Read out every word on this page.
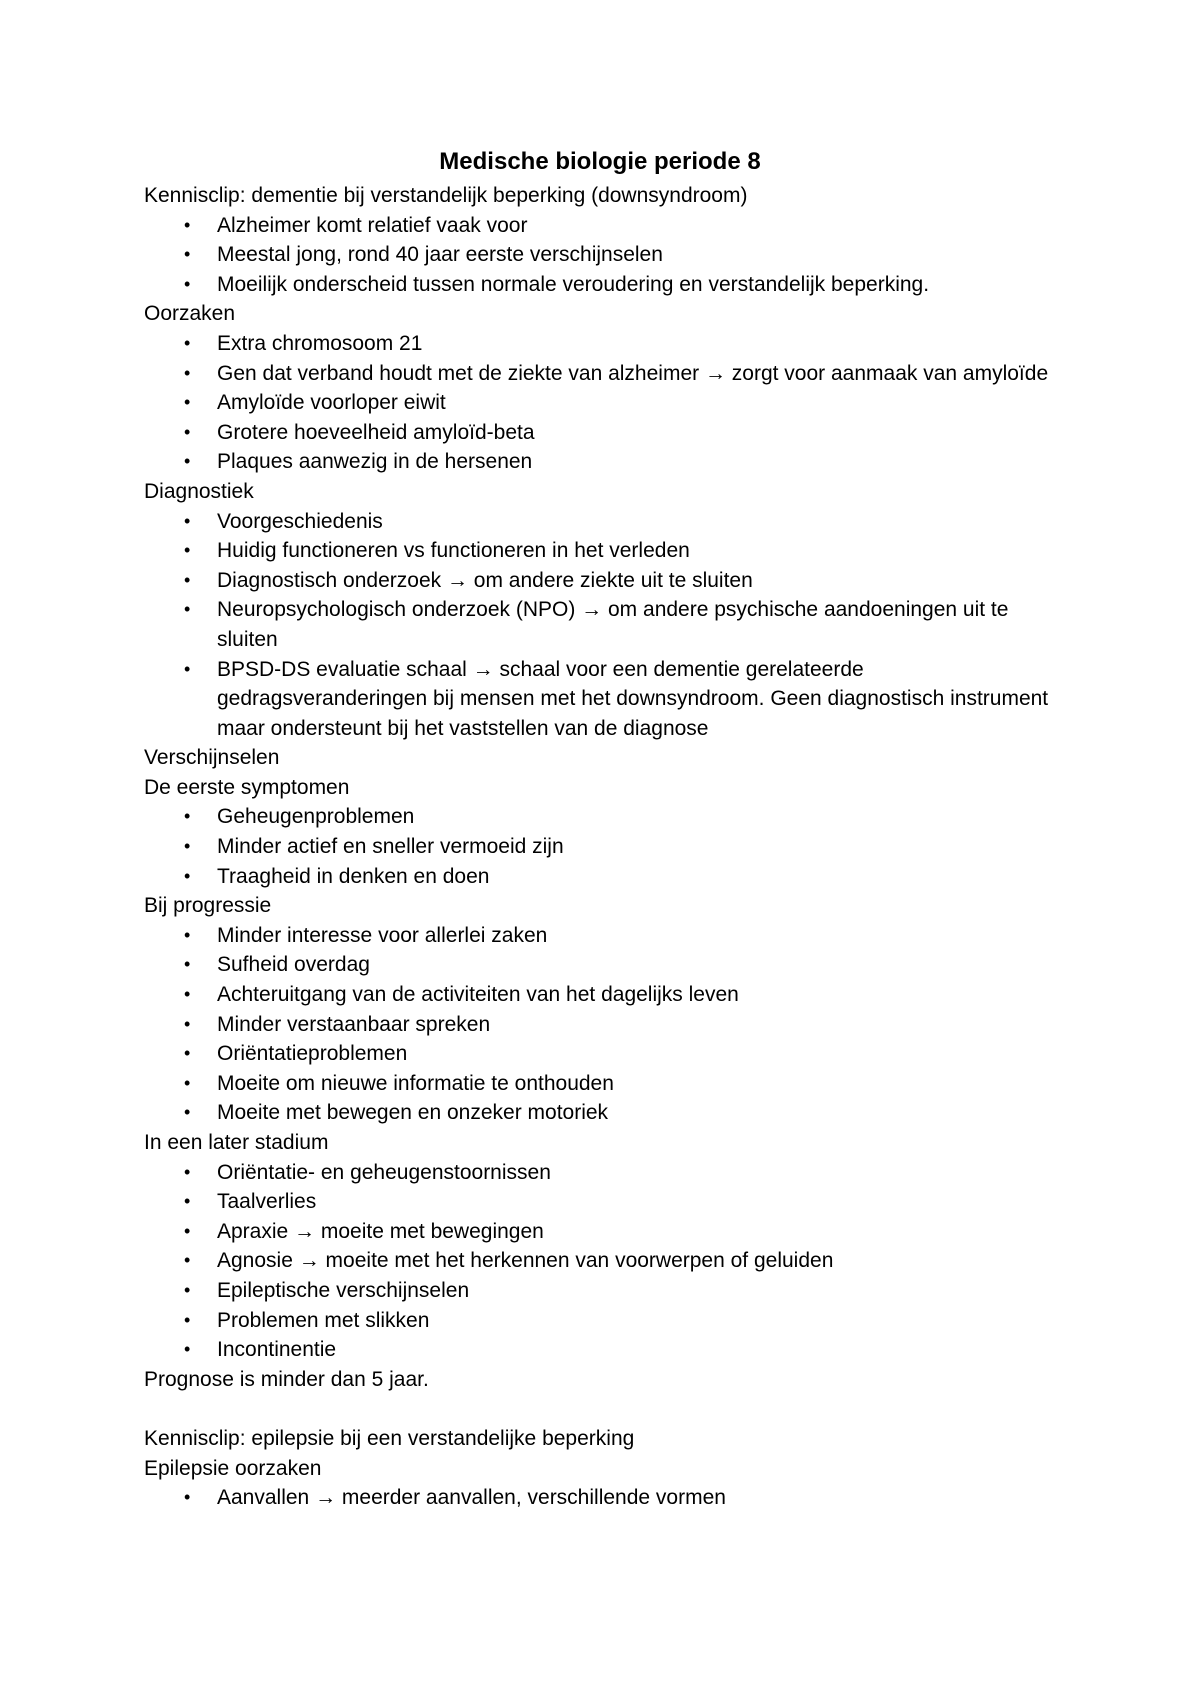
Medische biologie periode 8

Kennisclip: dementie bij verstandelijk beperking (downsyndroom)

• Alzheimer komt relatief vaak voor
• Meestal jong, rond 40 jaar eerste verschijnselen
• Moeilijk onderscheid tussen normale veroudering en verstandelijk beperking.

Oorzaken

• Extra chromosoom 21
• Gen dat verband houdt met de ziekte van alzheimer → zorgt voor aanmaak van amyloïde
• Amyloïde voorloper eiwit
• Grotere hoeveelheid amyloïd-beta
• Plaques aanwezig in de hersenen

Diagnostiek

• Voorgeschiedenis
• Huidig functioneren vs functioneren in het verleden
• Diagnostisch onderzoek → om andere ziekte uit te sluiten
• Neuropsychologisch onderzoek (NPO) → om andere psychische aandoeningen uit te sluiten
• BPSD-DS evaluatie schaal → schaal voor een dementie gerelateerde gedragsveranderingen bij mensen met het downsyndroom. Geen diagnostisch instrument maar ondersteunt bij het vaststellen van de diagnose

Verschijnselen

De eerste symptomen

• Geheugenproblemen
• Minder actief en sneller vermoeid zijn
• Traagheid in denken en doen

Bij progressie

• Minder interesse voor allerlei zaken
• Sufheid overdag
• Achteruitgang van de activiteiten van het dagelijks leven
• Minder verstaanbaar spreken
• Oriëntatieproblemen
• Moeite om nieuwe informatie te onthouden
• Moeite met bewegen en onzeker motoriek

In een later stadium

• Oriëntatie- en geheugenstoornissen
• Taalverlies
• Apraxie → moeite met bewegingen
• Agnosie → moeite met het herkennen van voorwerpen of geluiden
• Epileptische verschijnselen
• Problemen met slikken
• Incontinentie

Prognose is minder dan 5 jaar.

Kennisclip: epilepsie bij een verstandelijke beperking

Epilepsie oorzaken

• Aanvallen → meerder aanvallen, verschillende vormen
